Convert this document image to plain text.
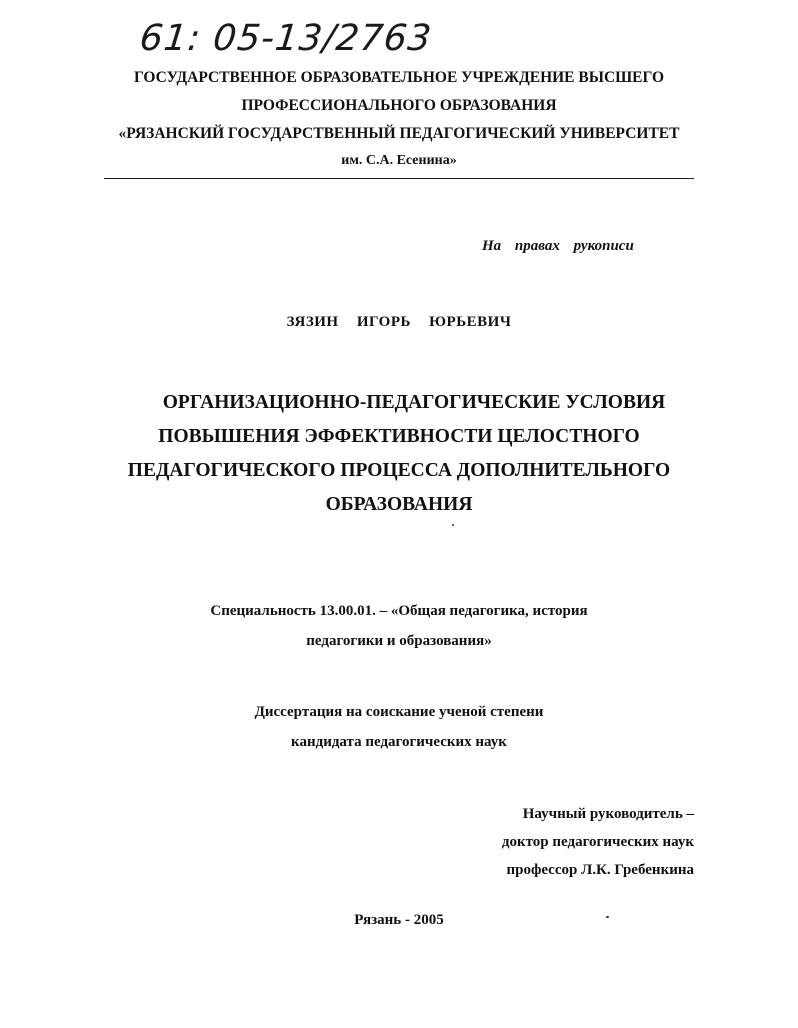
61: 05-13/2763
ГОСУДАРСТВЕННОЕ ОБРАЗОВАТЕЛЬНОЕ УЧРЕЖДЕНИЕ ВЫСШЕГО
ПРОФЕССИОНАЛЬНОГО ОБРАЗОВАНИЯ
«РЯЗАНСКИЙ ГОСУДАРСТВЕННЫЙ ПЕДАГОГИЧЕСКИЙ УНИВЕРСИТЕТ
им. С.А. Есенина»
На правах рукописи
ЗЯЗИН ИГОРЬ ЮРЬЕВИЧ
ОРГАНИЗАЦИОННО-ПЕДАГОГИЧЕСКИЕ УСЛОВИЯ
ПОВЫШЕНИЯ ЭФФЕКТИВНОСТИ ЦЕЛОСТНОГО
ПЕДАГОГИЧЕСКОГО ПРОЦЕССА ДОПОЛНИТЕЛЬНОГО
ОБРАЗОВАНИЯ
Специальность 13.00.01. – «Общая педагогика, история
педагогики и образования»
Диссертация на соискание ученой степени
кандидата педагогических наук
Научный руководитель –
доктор педагогических наук
профессор Л.К. Гребенкина
Рязань - 2005
